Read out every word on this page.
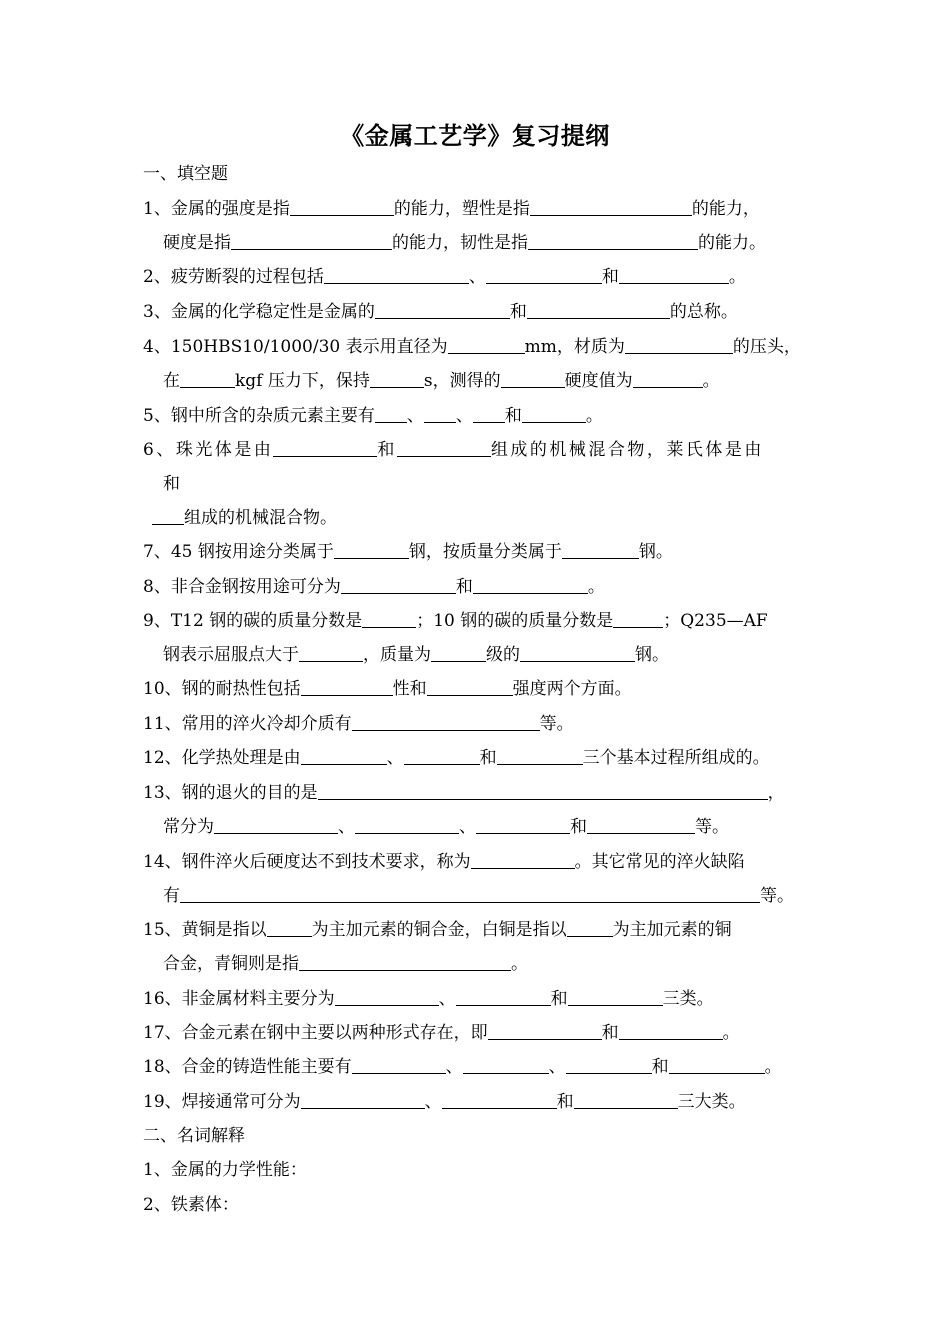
《金属工艺学》复习提纲
一、填空题
1、金属的强度是指	的能力，塑性是指	的能力，
硬度是指	的能力，韧性是指	的能力。
2、疲劳断裂的过程包括	、	和	。
3、金属的化学稳定性是金属的	和	的总称。
4、150HBS10/1000/30 表示用直径为	mm，材质为	的压头，
在	kgf 压力下，保持	s，测得的	硬度值为	。
5、钢中所含的杂质元素主要有 、 、 和	。
6、珠光体是由	和	组成的机械混合物，莱氏体是由
和
组成的机械混合物。
7、45 钢按用途分类属于	钢，按质量分类属于	钢。
8、非合金钢按用途可分为	和	。
9、T12 钢的碳的质量分数是	；10 钢的碳的质量分数是	；Q235—AF
钢表示屈服点大于	，质量为	级的	钢。
10、钢的耐热性包括	性和	强度两个方面。
11、常用的淬火冷却介质有	等。
12、化学热处理是由	、	和	三个基本过程所组成的。
13、钢的退火的目的是	，
常分为	、	、	和	等。
14、钢件淬火后硬度达不到技术要求，称为	。其它常见的淬火缺陷
有	等。
15、黄铜是指以	为主加元素的铜合金，白铜是指以	为主加元素的铜
合金，青铜则是指	。
16、非金属材料主要分为	、	和	三类。
17、合金元素在钢中主要以两种形式存在，即	和	。
18、合金的铸造性能主要有	、	、	和	。
19、焊接通常可分为	、	和	三大类。
二、名词解释
1、金属的力学性能：
2、铁素体：
